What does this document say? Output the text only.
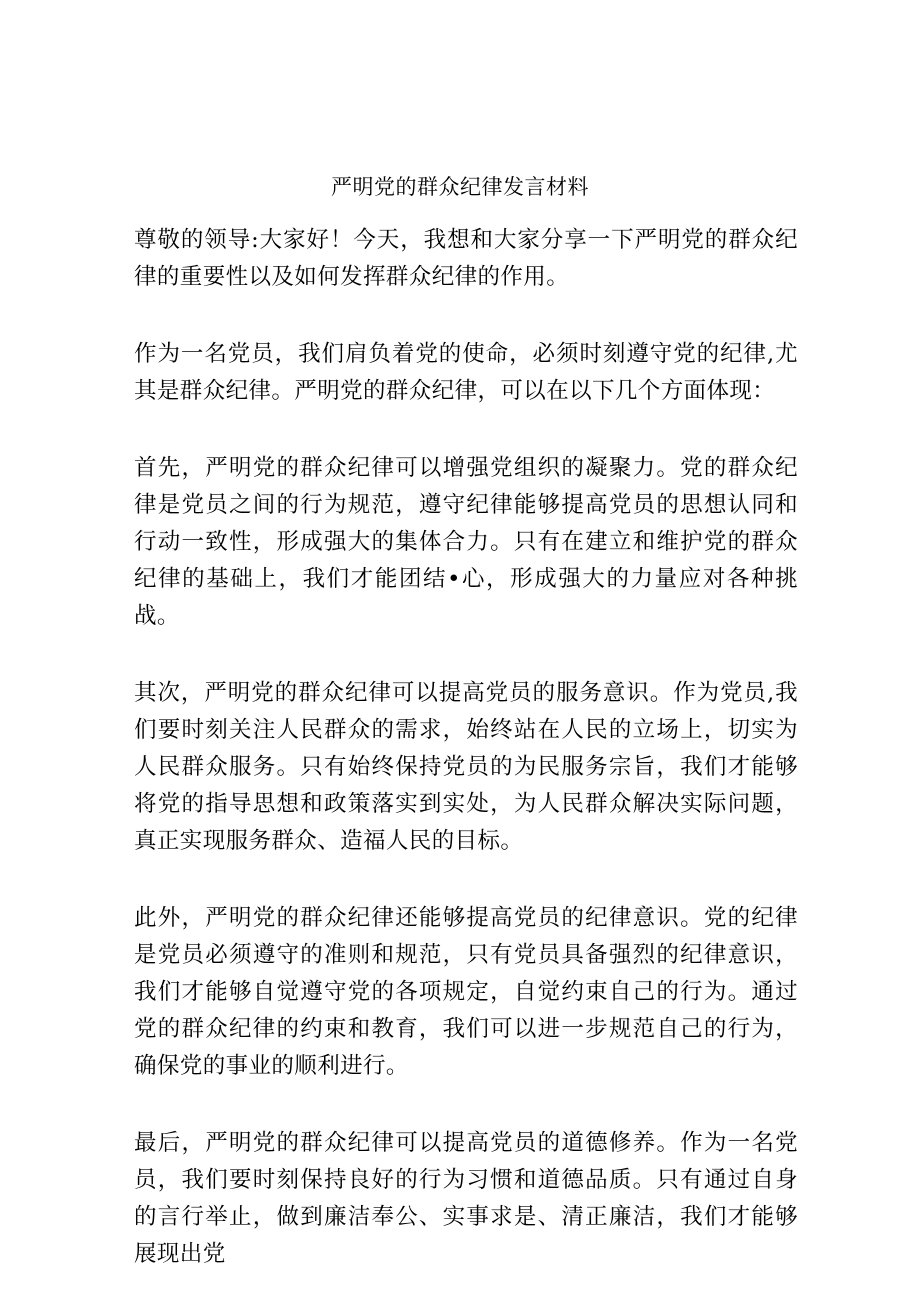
严明党的群众纪律发言材料

尊敬的领导:大家好！今天，我想和大家分享一下严明党的群众纪律的重要性以及如何发挥群众纪律的作用。

作为一名党员，我们肩负着党的使命，必须时刻遵守党的纪律,尤其是群众纪律。严明党的群众纪律，可以在以下几个方面体现：

首先，严明党的群众纪律可以增强党组织的凝聚力。党的群众纪律是党员之间的行为规范，遵守纪律能够提高党员的思想认同和行动一致性，形成强大的集体合力。只有在建立和维护党的群众纪律的基础上，我们才能团结•心，形成强大的力量应对各种挑战。

其次，严明党的群众纪律可以提高党员的服务意识。作为党员,我们要时刻关注人民群众的需求，始终站在人民的立场上，切实为人民群众服务。只有始终保持党员的为民服务宗旨，我们才能够将党的指导思想和政策落实到实处，为人民群众解决实际问题，真正实现服务群众、造福人民的目标。

此外，严明党的群众纪律还能够提高党员的纪律意识。党的纪律是党员必须遵守的准则和规范，只有党员具备强烈的纪律意识，我们才能够自觉遵守党的各项规定，自觉约束自己的行为。通过党的群众纪律的约束和教育，我们可以进一步规范自己的行为，确保党的事业的顺利进行。

最后，严明党的群众纪律可以提高党员的道德修养。作为一名党员，我们要时刻保持良好的行为习惯和道德品质。只有通过自身的言行举止，做到廉洁奉公、实事求是、清正廉洁，我们才能够展现出党
